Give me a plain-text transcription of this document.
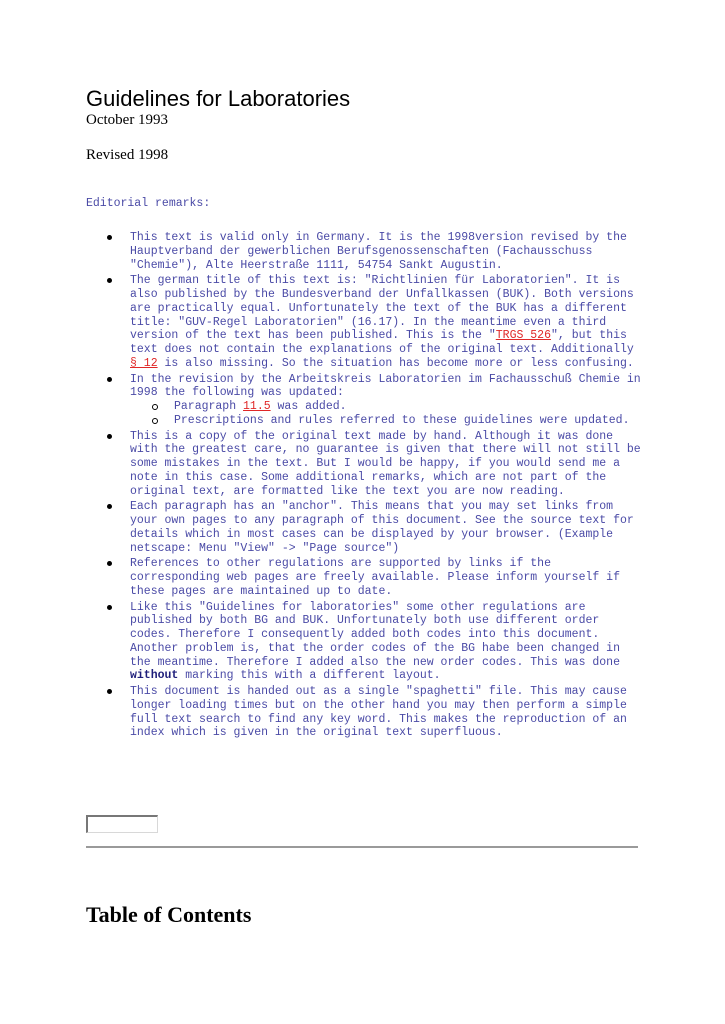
Guidelines for Laboratories
October 1993
Revised 1998
Editorial remarks:
This text is valid only in Germany. It is the 1998version revised by the Hauptverband der gewerblichen Berufsgenossenschaften (Fachausschuss "Chemie"), Alte Heerstraße 1111, 54754 Sankt Augustin.
The german title of this text is: "Richtlinien für Laboratorien". It is also published by the Bundesverband der Unfallkassen (BUK). Both versions are practically equal. Unfortunately the text of the BUK has a different title: "GUV-Regel Laboratorien" (16.17). In the meantime even a third version of the text has been published. This is the "TRGS 526", but this text does not contain the explanations of the original text. Additionally § 12 is also missing. So the situation has become more or less confusing.
In the revision by the Arbeitskreis Laboratorien im Fachausschuß Chemie in 1998 the following was updated:
Paragraph 11.5 was added.
Prescriptions and rules referred to these guidelines were updated.
This is a copy of the original text made by hand. Although it was done with the greatest care, no guarantee is given that there will not still be some mistakes in the text. But I would be happy, if you would send me a note in this case. Some additional remarks, which are not part of the original text, are formatted like the text you are now reading.
Each paragraph has an "anchor". This means that you may set links from your own pages to any paragraph of this document. See the source text for details which in most cases can be displayed by your browser. (Example netscape: Menu "View" -> "Page source")
References to other regulations are supported by links if the corresponding web pages are freely available. Please inform yourself if these pages are maintained up to date.
Like this "Guidelines for laboratories" some other regulations are published by both BG and BUK. Unfortunately both use different order codes. Therefore I consequently added both codes into this document. Another problem is, that the order codes of the BG habe been changed in the meantime. Therefore I added also the new order codes. This was done without marking this with a different layout.
This document is handed out as a single "spaghetti" file. This may cause longer loading times but on the other hand you may then perform a simple full text search to find any key word. This makes the reproduction of an index which is given in the original text superfluous.
Table of Contents
